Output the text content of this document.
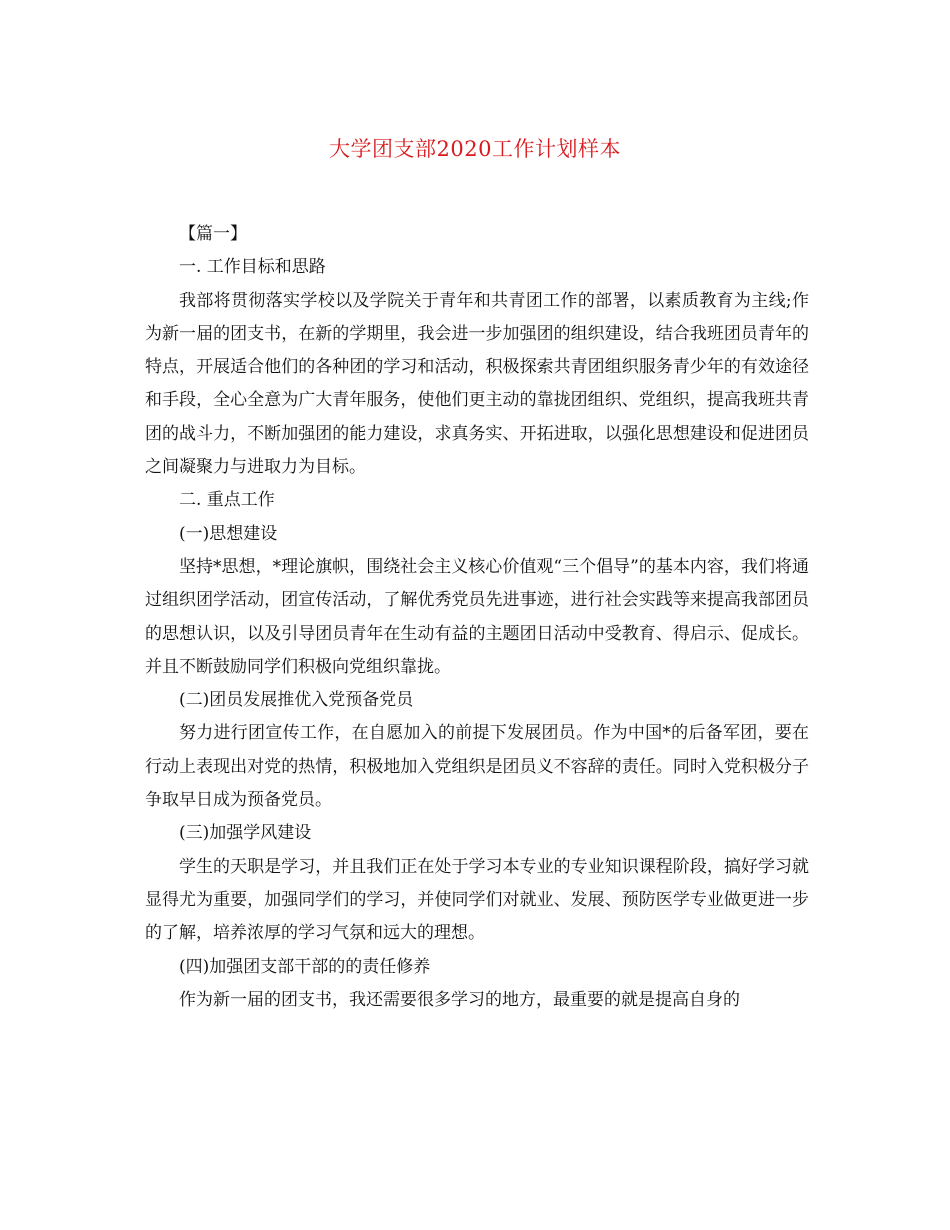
大学团支部2020工作计划样本

【篇一】

一. 工作目标和思路

我部将贯彻落实学校以及学院关于青年和共青团工作的部署，以素质教育为主线;作为新一届的团支书，在新的学期里，我会进一步加强团的组织建设，结合我班团员青年的特点，开展适合他们的各种团的学习和活动，积极探索共青团组织服务青少年的有效途径和手段，全心全意为广大青年服务，使他们更主动的靠拢团组织、党组织，提高我班共青团的战斗力，不断加强团的能力建设，求真务实、开拓进取，以强化思想建设和促进团员之间凝聚力与进取力为目标。

二. 重点工作

(一)思想建设

坚持*思想，*理论旗帜，围绕社会主义核心价值观“三个倡导”的基本内容，我们将通过组织团学活动，团宣传活动，了解优秀党员先进事迹，进行社会实践等来提高我部团员的思想认识，以及引导团员青年在生动有益的主题团日活动中受教育、得启示、促成长。并且不断鼓励同学们积极向党组织靠拢。

(二)团员发展推优入党预备党员

努力进行团宣传工作，在自愿加入的前提下发展团员。作为中国*的后备军团，要在行动上表现出对党的热情，积极地加入党组织是团员义不容辞的责任。同时入党积极分子争取早日成为预备党员。

(三)加强学风建设

学生的天职是学习，并且我们正在处于学习本专业的专业知识课程阶段，搞好学习就显得尤为重要，加强同学们的学习，并使同学们对就业、发展、预防医学专业做更进一步的了解，培养浓厚的学习气氛和远大的理想。

(四)加强团支部干部的的责任修养

作为新一届的团支书，我还需要很多学习的地方，最重要的就是提高自身的
